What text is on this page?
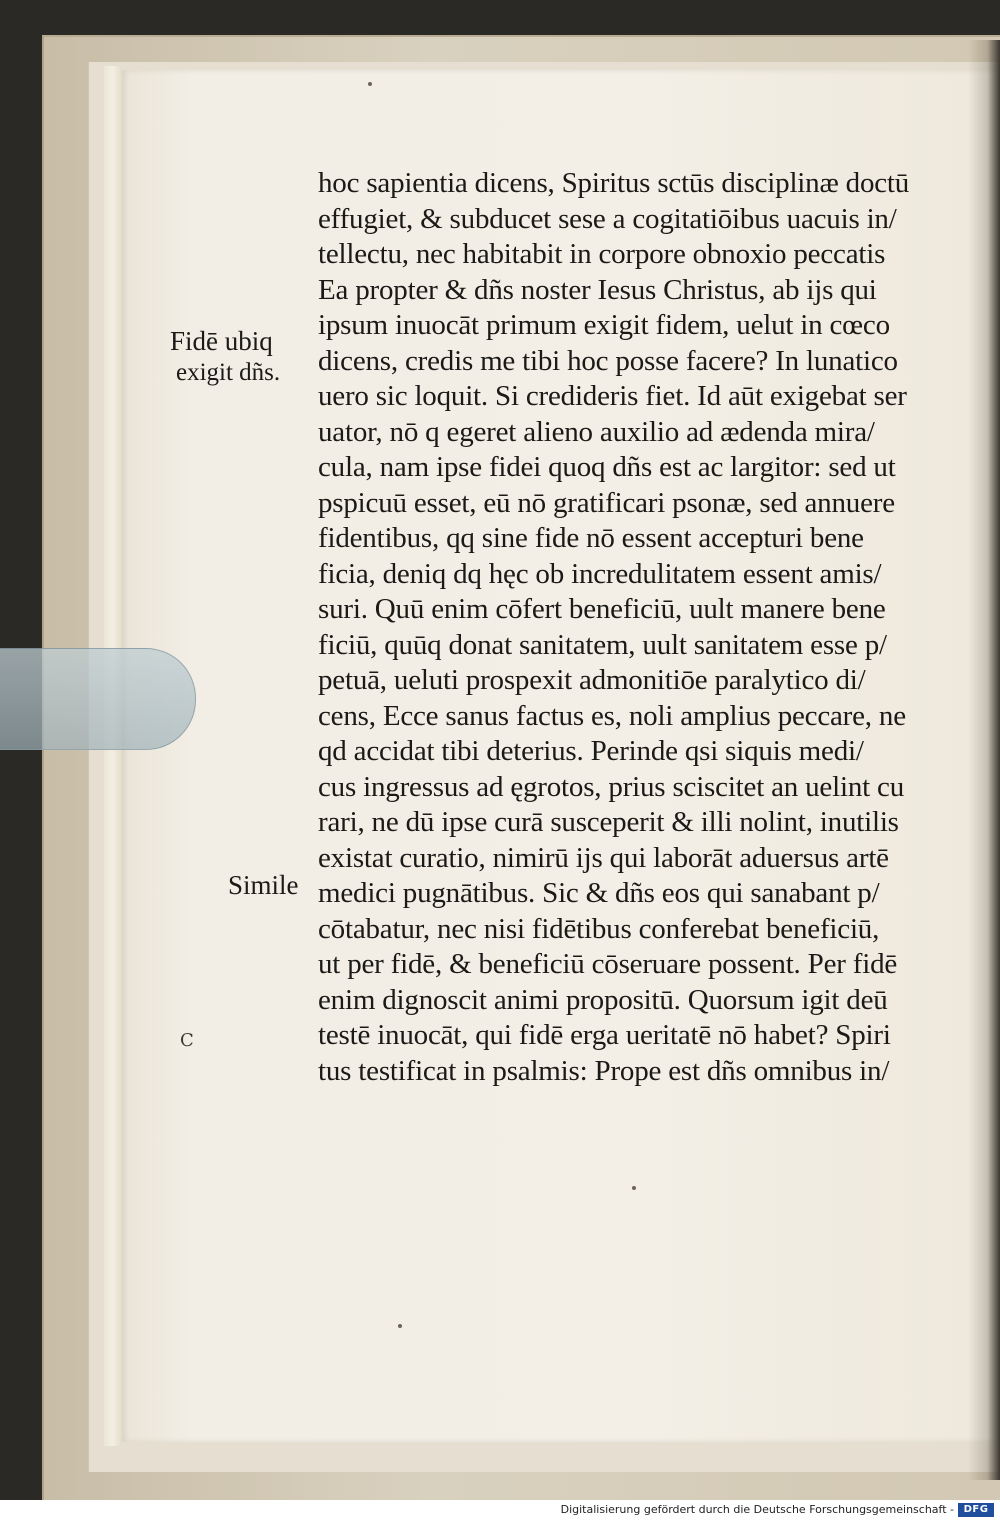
Fidē ubiq
exigit dñs.
Simile
C
hoc sapientia dicens, Spiritus sctūs disciplinæ doctū
effugiet, & subducet sese a cogitatiōibus uacuis in/
tellectu, nec habitabit in corpore obnoxio peccatis
Ea propter & dñs noster Iesus Christus, ab ijs qui
ipsum inuocāt primum exigit fidem, uelut in cœco
dicens, credis me tibi hoc posse facere? In lunatico
uero sic loquit. Si credideris fiet. Id aūt exigebat ser
uator, nō q egeret alieno auxilio ad ædenda mira/
cula, nam ipse fidei quoq dñs est ac largitor: sed ut
pspicuū esset, eū nō gratificari psonæ, sed annuere
fidentibus, qq sine fide nō essent accepturi bene
ficia, deniq dq hęc ob incredulitatem essent amis/
suri. Quū enim cōfert beneficiū, uult manere bene
ficiū, quūq donat sanitatem, uult sanitatem esse p/
petuā, ueluti prospexit admonitiōe paralytico di/
cens, Ecce sanus factus es, noli amplius peccare, ne
qd accidat tibi deterius. Perinde qsi siquis medi/
cus ingressus ad ęgrotos, prius sciscitet an uelint cu
rari, ne dū ipse curā susceperit & illi nolint, inutilis
existat curatio, nimirū ijs qui laborāt aduersus artē
medici pugnātibus. Sic & dñs eos qui sanabant p/
cōtabatur, nec nisi fidētibus conferebat beneficiū,
ut per fidē, & beneficiū cōseruare possent. Per fidē
enim dignoscit animi propositū. Quorsum igit deū
testē inuocāt, qui fidē erga ueritatē nō habet? Spiri
tus testificat in psalmis: Prope est dñs omnibus in/
Digitalisierung gefördert durch die Deutsche Forschungsgemeinschaft - DFG
